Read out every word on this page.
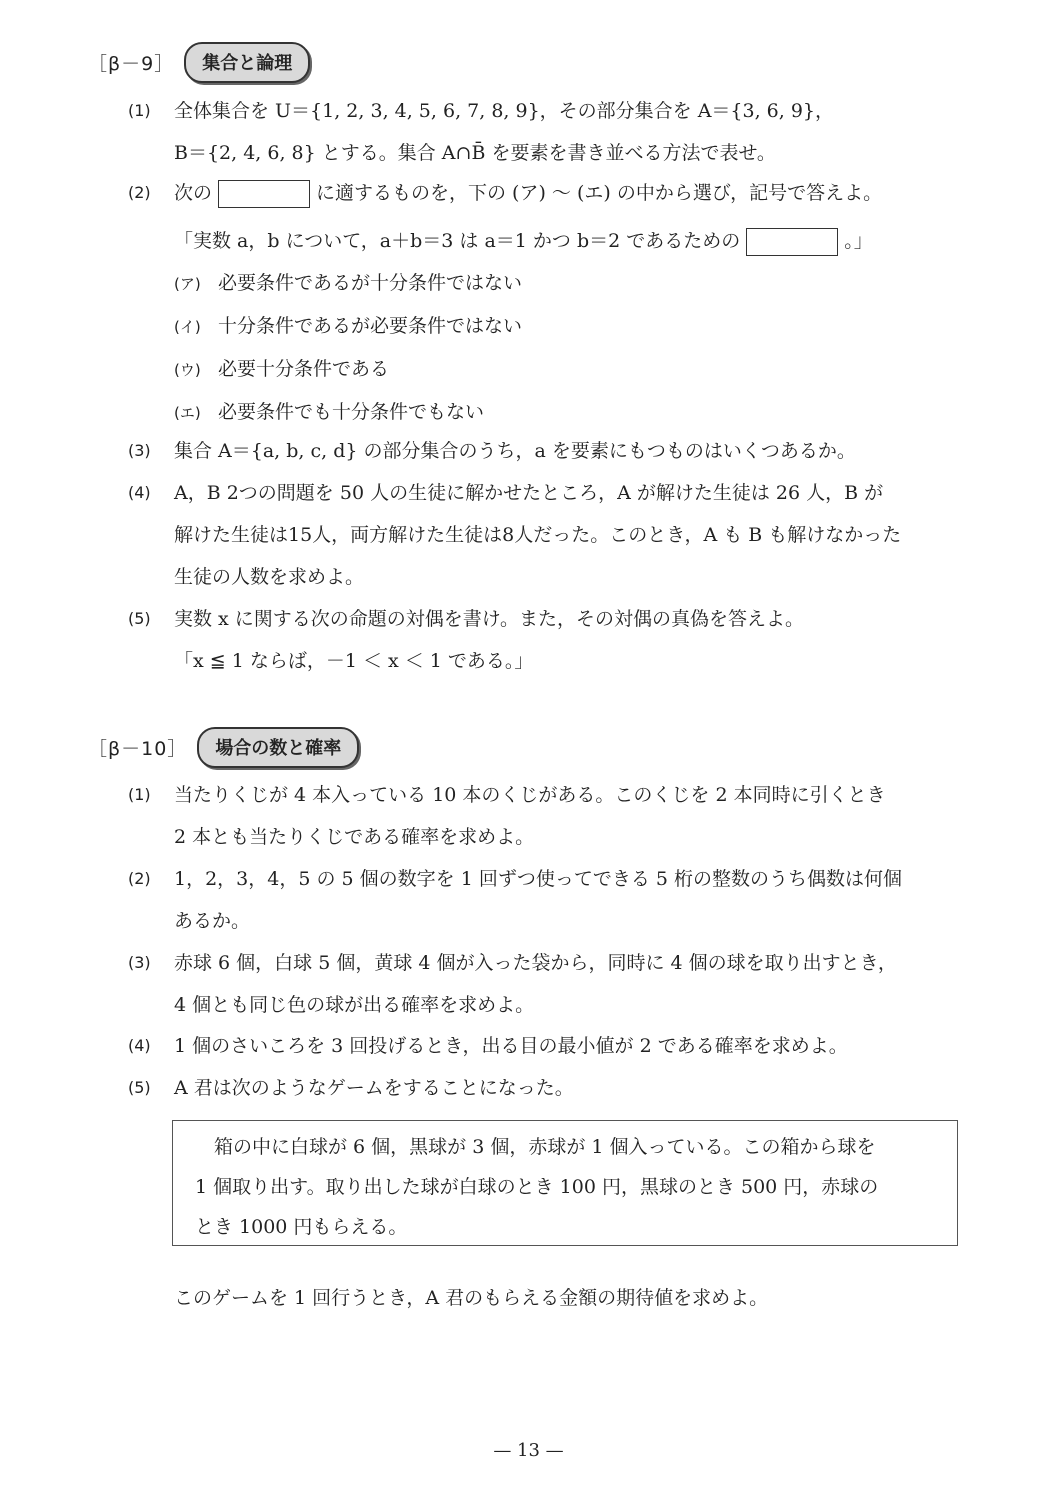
［β－9］	集合と論理
(1) 全体集合を U＝{1, 2, 3, 4, 5, 6, 7, 8, 9}，その部分集合を A＝{3, 6, 9}，
B＝{2, 4, 6, 8} とする。集合 A∩B̄ を要素を書き並べる方法で表せ。
(2) 次の	に適するものを，下の (ア) ～ (エ) の中から選び，記号で答えよ。
「実数 a，b について，a＋b＝3 は a＝1 かつ b＝2 であるための	。」
(ア) 必要条件であるが十分条件ではない
(イ) 十分条件であるが必要条件ではない
(ウ) 必要十分条件である
(エ) 必要条件でも十分条件でもない
(3) 集合 A＝{a, b, c, d} の部分集合のうち，a を要素にもつものはいくつあるか。
(4) A，B 2つの問題を 50 人の生徒に解かせたところ，A が解けた生徒は 26 人，B が
解けた生徒は15人，両方解けた生徒は8人だった。このとき，A も B も解けなかった
生徒の人数を求めよ。
(5) 実数 x に関する次の命題の対偶を書け。また，その対偶の真偽を答えよ。
「x ≦ 1 ならば，－1 ＜ x ＜ 1 である。」
［β－10］	場合の数と確率
(1) 当たりくじが 4 本入っている 10 本のくじがある。このくじを 2 本同時に引くとき
2 本とも当たりくじである確率を求めよ。
(2) 1，2，3，4，5 の 5 個の数字を 1 回ずつ使ってできる 5 桁の整数のうち偶数は何個
あるか。
(3) 赤球 6 個，白球 5 個，黄球 4 個が入った袋から，同時に 4 個の球を取り出すとき，
4 個とも同じ色の球が出る確率を求めよ。
(4) 1 個のさいころを 3 回投げるとき，出る目の最小値が 2 である確率を求めよ。
(5) A 君は次のようなゲームをすることになった。
箱の中に白球が 6 個，黒球が 3 個，赤球が 1 個入っている。この箱から球を
1 個取り出す。取り出した球が白球のとき 100 円，黒球のとき 500 円，赤球の
とき 1000 円もらえる。
このゲームを 1 回行うとき，A 君のもらえる金額の期待値を求めよ。
— 13 —
